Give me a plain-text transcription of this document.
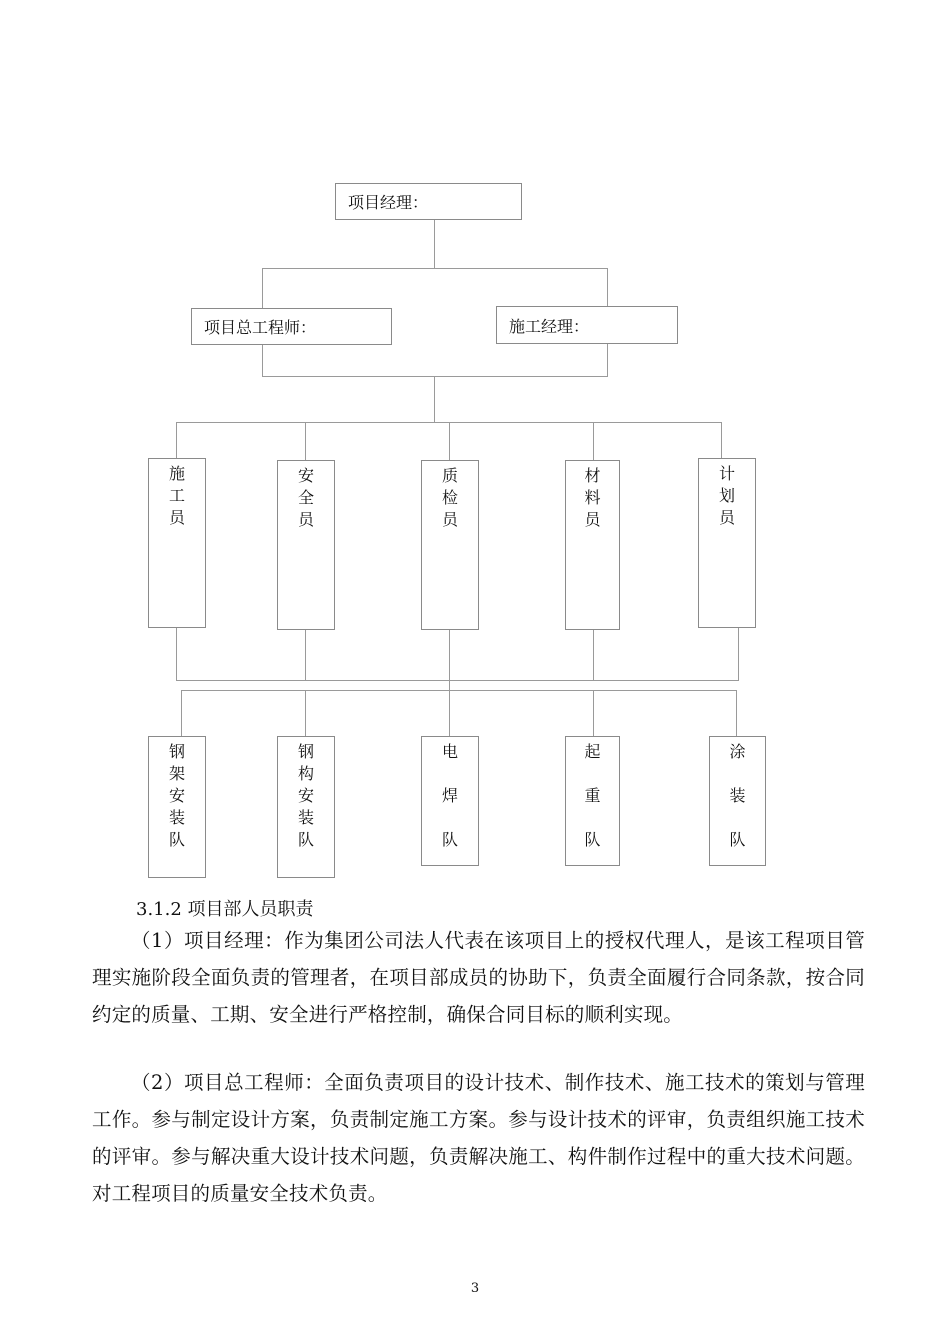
项目经理：
项目总工程师：	施工经理：
施
工
员
安
全
员
质
检
员
材
料
员
计
划
员
钢
架
安
装
队
钢
构
安
装
队
电

焊

队
起

重

队
涂

装

队
3.1.2 项目部人员职责

（1）项目经理：作为集团公司法人代表在该项目上的授权代理人，是该工程项目管理实施阶段全面负责的管理者，在项目部成员的协助下，负责全面履行合同条款，按合同约定的质量、工期、安全进行严格控制，确保合同目标的顺利实现。

（2）项目总工程师：全面负责项目的设计技术、制作技术、施工技术的策划与管理工作。参与制定设计方案，负责制定施工方案。参与设计技术的评审，负责组织施工技术的评审。参与解决重大设计技术问题，负责解决施工、构件制作过程中的重大技术问题。对工程项目的质量安全技术负责。

3
